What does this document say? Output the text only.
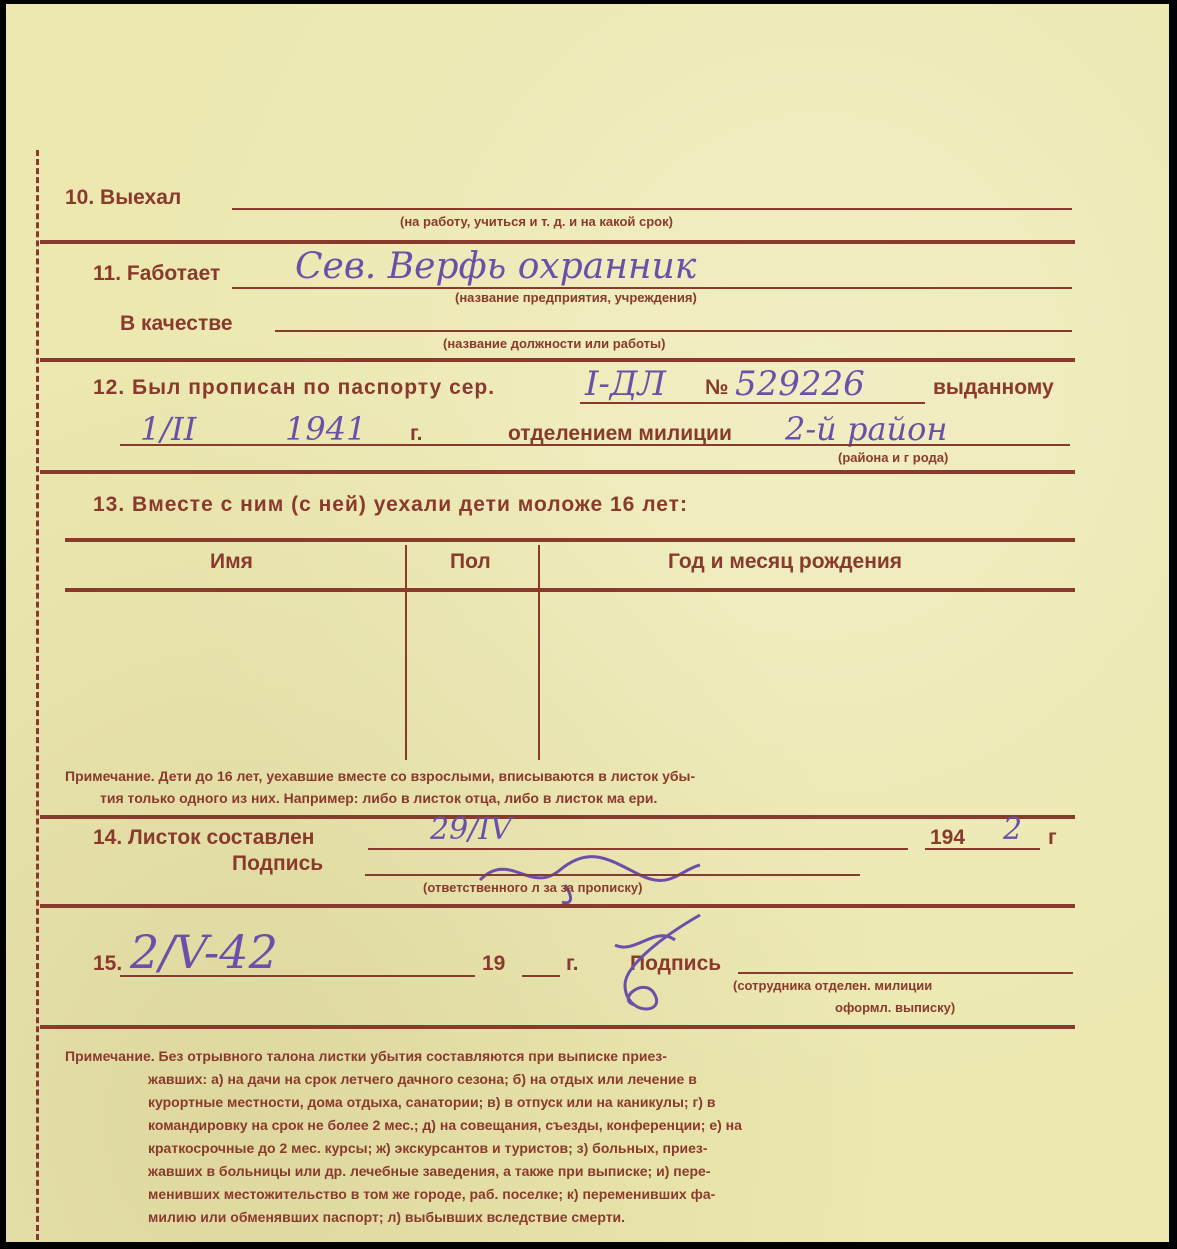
10. Выехал
(на работу, учиться и т. д. и на какой срок)
11. Fаботает Сев. Верфь охранник
(название предприятия, учреждения)
В качестве
(название должности или работы)
12. Был прописан по паспорту сер.	I-ДЛ № 529226	выданному
1/II	1941 г.	отделением милиции 2-й район
(района и г рода)
13. Вместе с ним (с ней) уехали дети моложе 16 лет:
Имя	Пол	Год и месяц рождения
Примечание. Дети до 16 лет, уехавшие вместе со взрослыми, вписываются в листок убы-
тия только одного из них. Например: либо в листок отца, либо в листок ма ери.
14. Листок составлен	29/IV	194 2 г
Подпись
(ответственного л за за прописку)
15. 2/V-42	19	г. Подпись
(сотрудника отделен. милиции
оформл. выписку)
Примечание. Без отрывного талона листки убытия составляются при выписке приез-
жавших: а) на дачи на срок летчего дачного сезона; б) на отдых или лечение в
курортные местности, дома отдыха, санатории; в) в отпуск или на каникулы; г) в
командировку на срок не более 2 мес.; д) на совещания, съезды, конференции; е) на
краткосрочные до 2 мес. курсы; ж) экскурсантов и туристов; з) больных, приез-
жавших в больницы или др. лечебные заведения, а также при выписке; и) пере-
менивших местожительство в том же городе, раб. поселке; к) переменивших фа-
милию или обменявших паспорт; л) выбывших вследствие смерти.
